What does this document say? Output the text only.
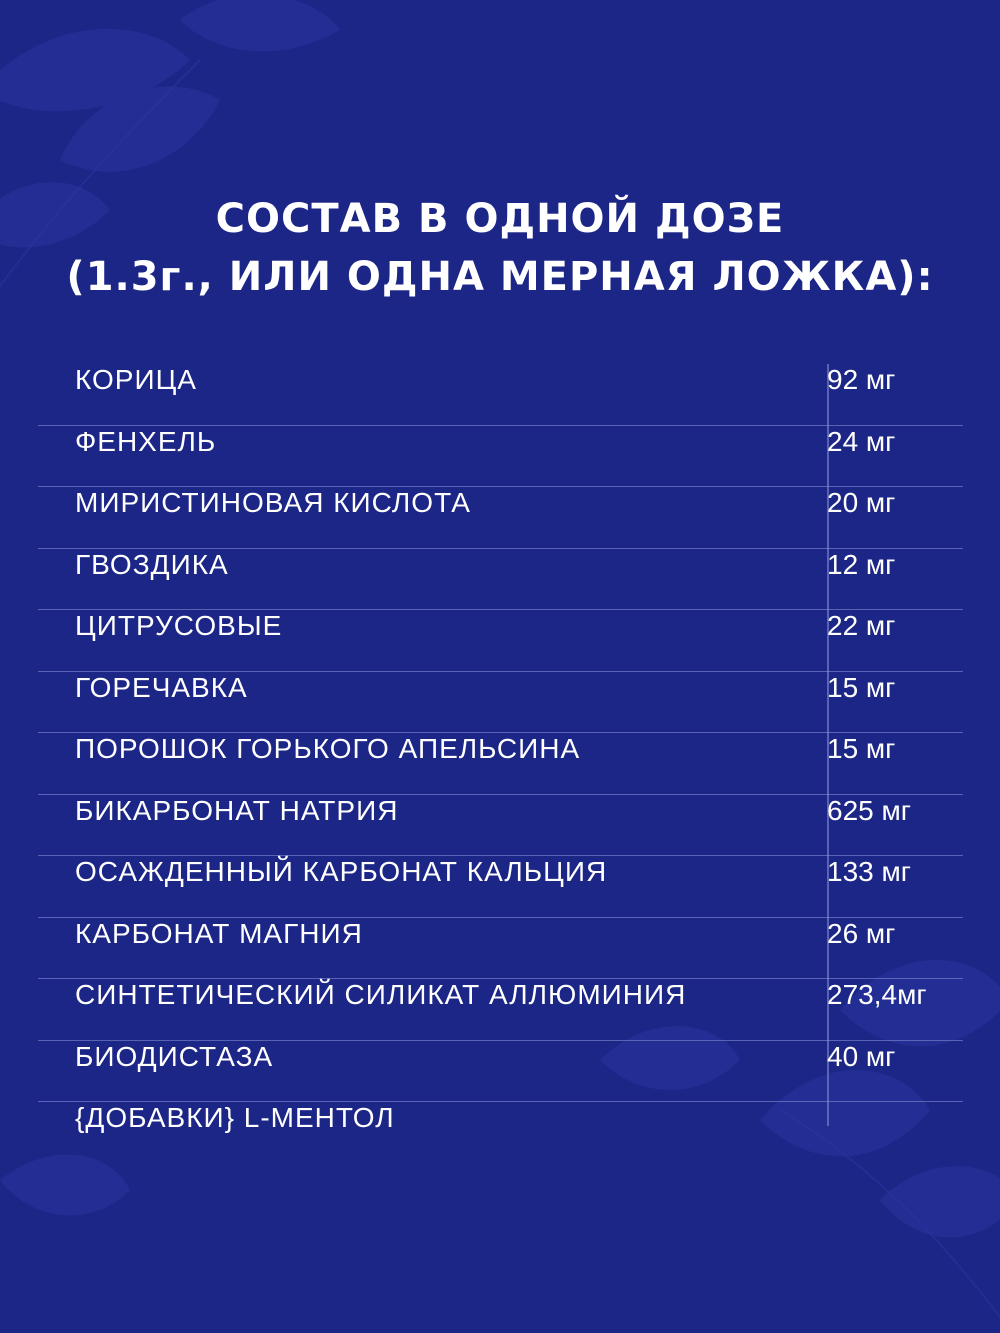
СОСТАВ В ОДНОЙ ДОЗЕ
(1.3г., ИЛИ ОДНА МЕРНАЯ ЛОЖКА):
КОРИЦА	92 мг
ФЕНХЕЛЬ	24 мг
МИРИСТИНОВАЯ КИСЛОТА	20 мг
ГВОЗДИКА	12 мг
ЦИТРУСОВЫЕ	22 мг
ГОРЕЧАВКА	15 мг
ПОРОШОК ГОРЬКОГО АПЕЛЬСИНА	15 мг
БИКАРБОНАТ НАТРИЯ	625 мг
ОСАЖДЕННЫЙ КАРБОНАТ КАЛЬЦИЯ	133 мг
КАРБОНАТ МАГНИЯ	26 мг
СИНТЕТИЧЕСКИЙ СИЛИКАТ АЛЛЮМИНИЯ	273,4мг
БИОДИСТАЗА	40 мг
{ДОБАВКИ} L-МЕНТОЛ
